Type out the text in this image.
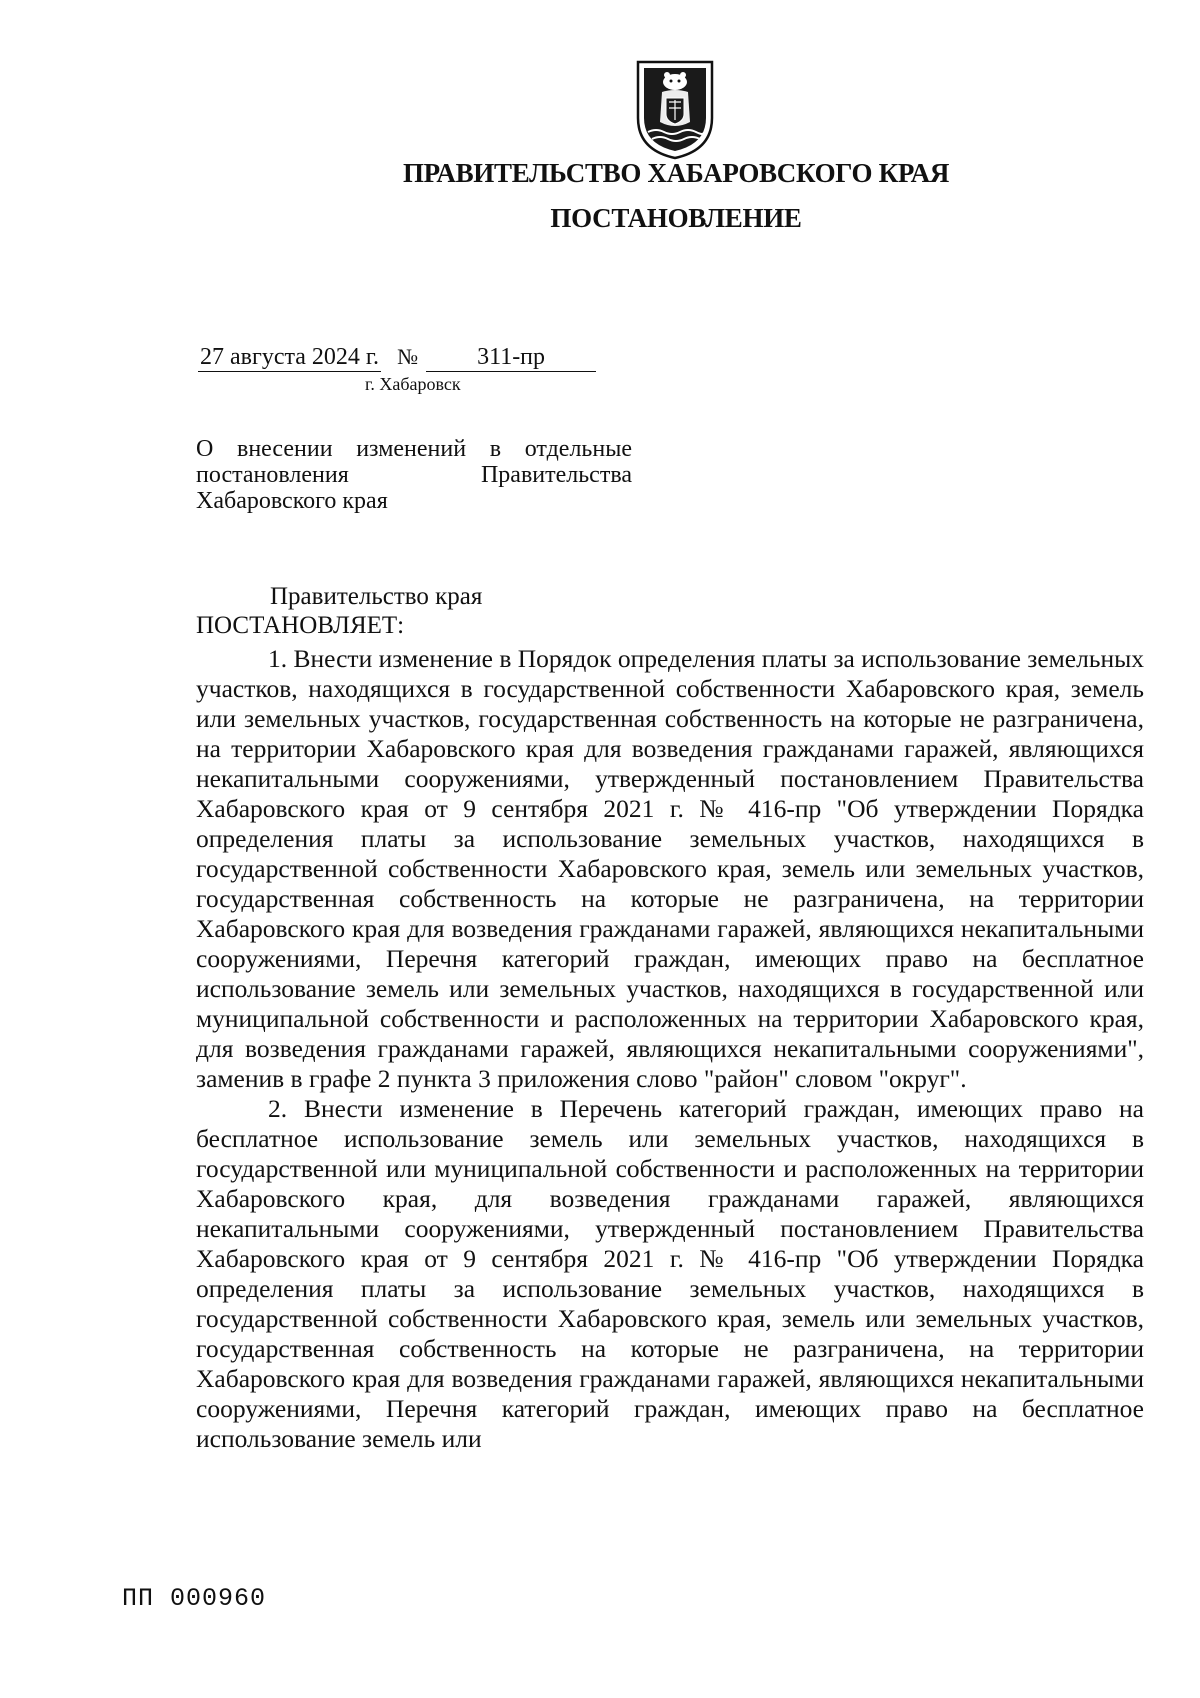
ПРАВИТЕЛЬСТВО ХАБАРОВСКОГО КРАЯ
ПОСТАНОВЛЕНИЕ
27 августа 2024 г. № 311-пр
г. Хабаровск
О внесении изменений в отдельные
постановления Правительства
Хабаровского края
Правительство края
ПОСТАНОВЛЯЕТ:

1. Внести изменение в Порядок определения платы за использование земельных участков, находящихся в государственной собственности Хабаровского края, земель или земельных участков, государственная собственность на которые не разграничена, на территории Хабаровского края для возведения гражданами гаражей, являющихся некапитальными сооружениями, утвержденный постановлением Правительства Хабаровского края от 9 сентября 2021 г. № 416-пр "Об утверждении Порядка определения платы за использование земельных участков, находящихся в государственной собственности Хабаровского края, земель или земельных участков, государственная собственность на которые не разграничена, на территории Хабаровского края для возведения гражданами гаражей, являющихся некапитальными сооружениями, Перечня категорий граждан, имеющих право на бесплатное использование земель или земельных участков, находящихся в государственной или муниципальной собственности и расположенных на территории Хабаровского края, для возведения гражданами гаражей, являющихся некапитальными сооружениями", заменив в графе 2 пункта 3 приложения слово "район" словом "округ".

2. Внести изменение в Перечень категорий граждан, имеющих право на бесплатное использование земель или земельных участков, находящихся в государственной или муниципальной собственности и расположенных на территории Хабаровского края, для возведения гражданами гаражей, являющихся некапитальными сооружениями, утвержденный постановлением Правительства Хабаровского края от 9 сентября 2021 г. № 416-пр "Об утверждении Порядка определения платы за использование земельных участков, находящихся в государственной собственности Хабаровского края, земель или земельных участков, государственная собственность на которые не разграничена, на территории Хабаровского края для возведения гражданами гаражей, являющихся некапитальными сооружениями, Перечня категорий граждан, имеющих право на бесплатное использование земель или

ПП 000960
